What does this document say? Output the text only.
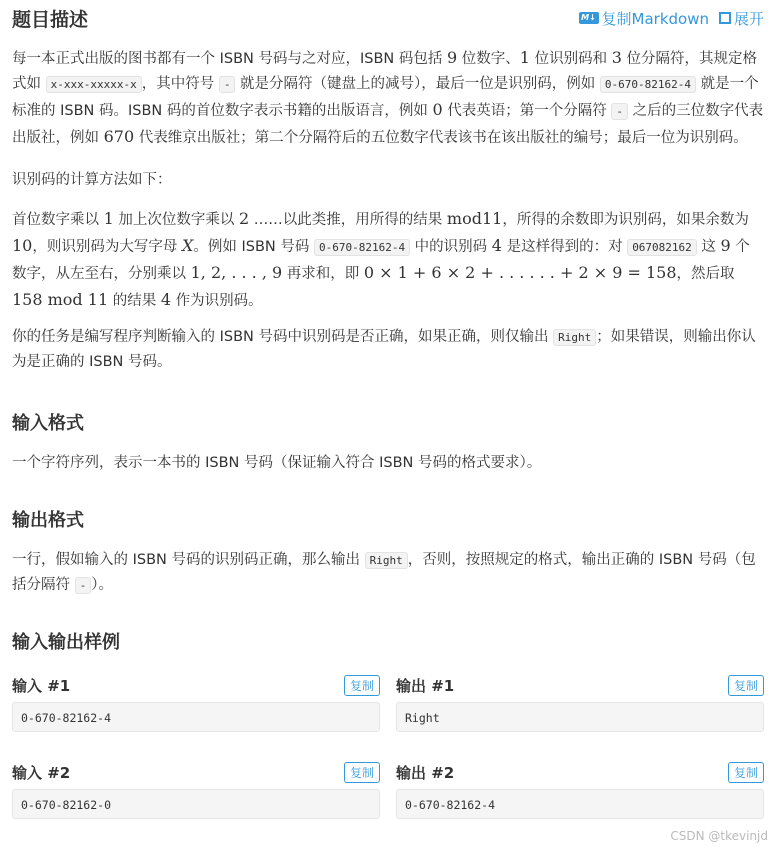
题目描述	M↓ 复制Markdown 展开

每一本正式出版的图书都有一个 ISBN 号码与之对应，ISBN 码包括 9 位数字、1 位识别码和 3 位分隔符，其规定格式如 x-xxx-xxxxx-x ，其中符号 - 就是分隔符（键盘上的减号），最后一位是识别码，例如 0-670-82162-4 就是一个标准的 ISBN 码。ISBN 码的首位数字表示书籍的出版语言，例如 0 代表英语；第一个分隔符 - 之后的三位数字代表出版社，例如 670 代表维京出版社；第二个分隔符后的五位数字代表该书在该出版社的编号；最后一位为识别码。

识别码的计算方法如下：

首位数字乘以 1 加上次位数字乘以 2 ……以此类推，用所得的结果 mod11，所得的余数即为识别码，如果余数为 10，则识别码为大写字母 X。例如 ISBN 号码 0-670-82162-4 中的识别码 4 是这样得到的：对 067082162 这 9 个数字，从左至右，分别乘以 1, 2, . . . , 9 再求和，即 0 × 1 + 6 × 2 + . . . . . . + 2 × 9 = 158，然后取 158 mod 11 的结果 4 作为识别码。

你的任务是编写程序判断输入的 ISBN 号码中识别码是否正确，如果正确，则仅输出 Right ；如果错误，则输出你认为是正确的 ISBN 号码。

输入格式

一个字符序列，表示一本书的 ISBN 号码（保证输入符合 ISBN 号码的格式要求）。

输出格式

一行，假如输入的 ISBN 号码的识别码正确，那么输出 Right ，否则，按照规定的格式，输出正确的 ISBN 号码（包括分隔符 - ）。

输入输出样例
输入 #1	复制
0-670-82162-4
输出 #1	复制
Right
输入 #2	复制
0-670-82162-0
输出 #2	复制
0-670-82162-4
CSDN @tkevinjd
